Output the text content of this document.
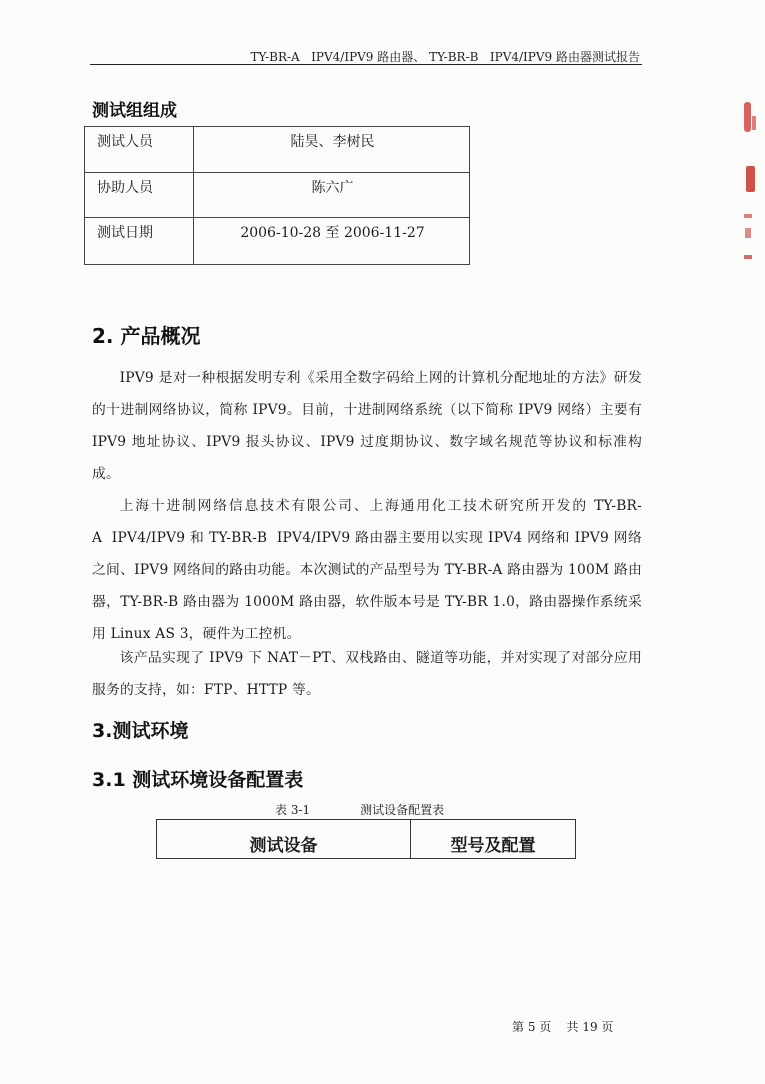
TY-BR-A   IPV4/IPV9 路由器、 TY-BR-B   IPV4/IPV9 路由器测试报告
测试组组成
测试人员	陆昊、李树民
协助人员	陈六广
测试日期	2006-10-28 至 2006-11-27
2. 产品概况
IPV9 是对一种根据发明专利《采用全数字码给上网的计算机分配地址的方法》研发的十进制网络协议，简称 IPV9。目前，十进制网络系统（以下简称 IPV9 网络）主要有 IPV9 地址协议、IPV9 报头协议、IPV9 过度期协议、数字域名规范等协议和标准构成。
上海十进制网络信息技术有限公司、上海通用化工技术研究所开发的 TY-BR-A  IPV4/IPV9 和 TY-BR-B  IPV4/IPV9 路由器主要用以实现 IPV4 网络和 IPV9 网络之间、IPV9 网络间的路由功能。本次测试的产品型号为 TY-BR-A 路由器为 100M 路由器，TY-BR-B 路由器为 1000M 路由器，软件版本号是 TY-BR 1.0，路由器操作系统采用 Linux AS 3，硬件为工控机。
该产品实现了 IPV9 下 NAT－PT、双栈路由、隧道等功能，并对实现了对部分应用服务的支持，如：FTP、HTTP 等。
3.测试环境
3.1 测试环境设备配置表
表 3-1	测试设备配置表
测试设备	型号及配置
第 5 页    共 19 页
